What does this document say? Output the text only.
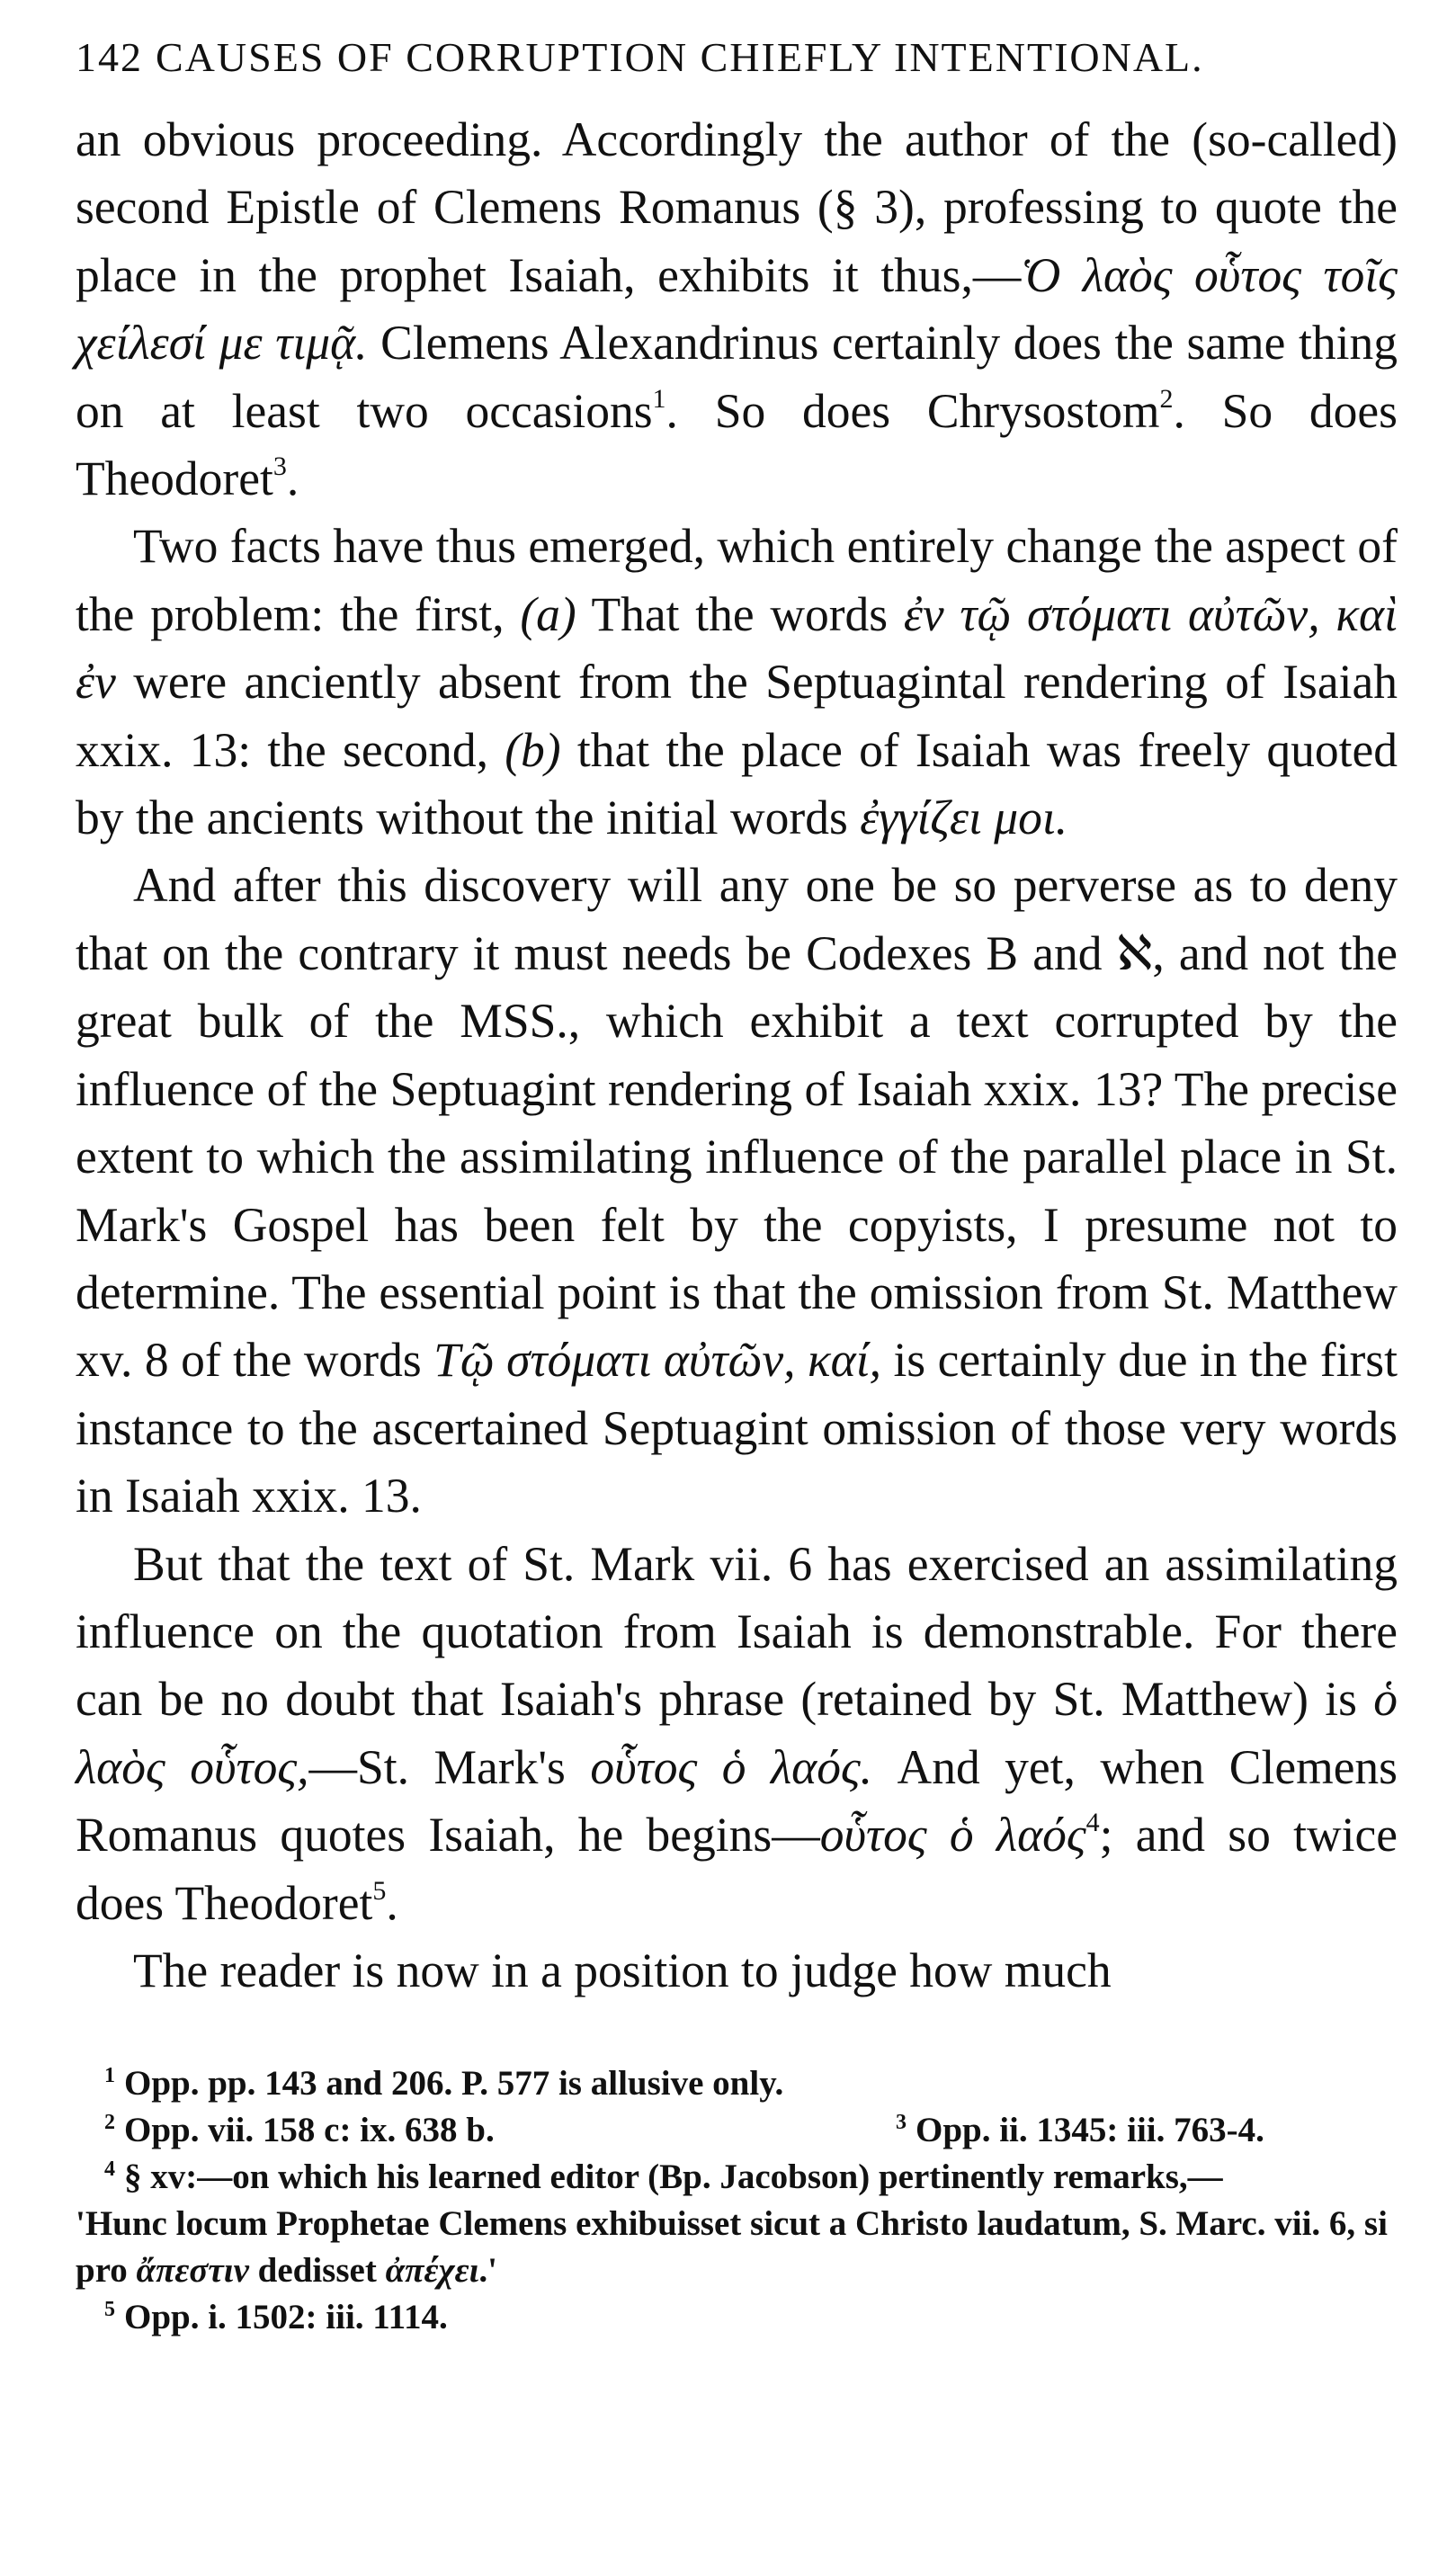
142 CAUSES OF CORRUPTION CHIEFLY INTENTIONAL.

an obvious proceeding. Accordingly the author of the (so-called) second Epistle of Clemens Romanus (§ 3), professing to quote the place in the prophet Isaiah, exhibits it thus,—Ὁ λαὸς οὗτος τοῖς χείλεσί με τιμᾷ. Clemens Alexandrinus certainly does the same thing on at least two occasions$^1$. So does Chrysostom$^2$. So does Theodoret$^3$.

Two facts have thus emerged, which entirely change the aspect of the problem: the first, (a) That the words ἐν τῷ στόματι αὐτῶν, καὶ ἐν were anciently absent from the Septuagintal rendering of Isaiah xxix. 13: the second, (b) that the place of Isaiah was freely quoted by the ancients without the initial words ἐγγίζει μοι.

And after this discovery will any one be so perverse as to deny that on the contrary it must needs be Codexes B and ℵ, and not the great bulk of the MSS., which exhibit a text corrupted by the influence of the Septuagint rendering of Isaiah xxix. 13? The precise extent to which the assimilating influence of the parallel place in St. Mark's Gospel has been felt by the copyists, I presume not to determine. The essential point is that the omission from St. Matthew xv. 8 of the words Τῷ στόματι αὐτῶν, καί, is certainly due in the first instance to the ascertained Septuagint omission of those very words in Isaiah xxix. 13.

But that the text of St. Mark vii. 6 has exercised an assimilating influence on the quotation from Isaiah is demonstrable. For there can be no doubt that Isaiah's phrase (retained by St. Matthew) is ὁ λαὸς οὗτος,—St. Mark's οὗτος ὁ λαός. And yet, when Clemens Romanus quotes Isaiah, he begins—οὗτος ὁ λαός$^4$; and so twice does Theodoret$^5$.

The reader is now in a position to judge how much

$^1$ Opp. pp. 143 and 206. P. 577 is allusive only.

$^2$ Opp. vii. 158 c: ix. 638 b.	$^3$ Opp. ii. 1345: iii. 763-4.

$^4$ § xv:—on which his learned editor (Bp. Jacobson) pertinently remarks,—

'Hunc locum Prophetae Clemens exhibuisset sicut a Christo laudatum, S. Marc. vii. 6, si pro ἄπεστιν dedisset ἀπέχει.'

$^5$ Opp. i. 1502: iii. 1114.
